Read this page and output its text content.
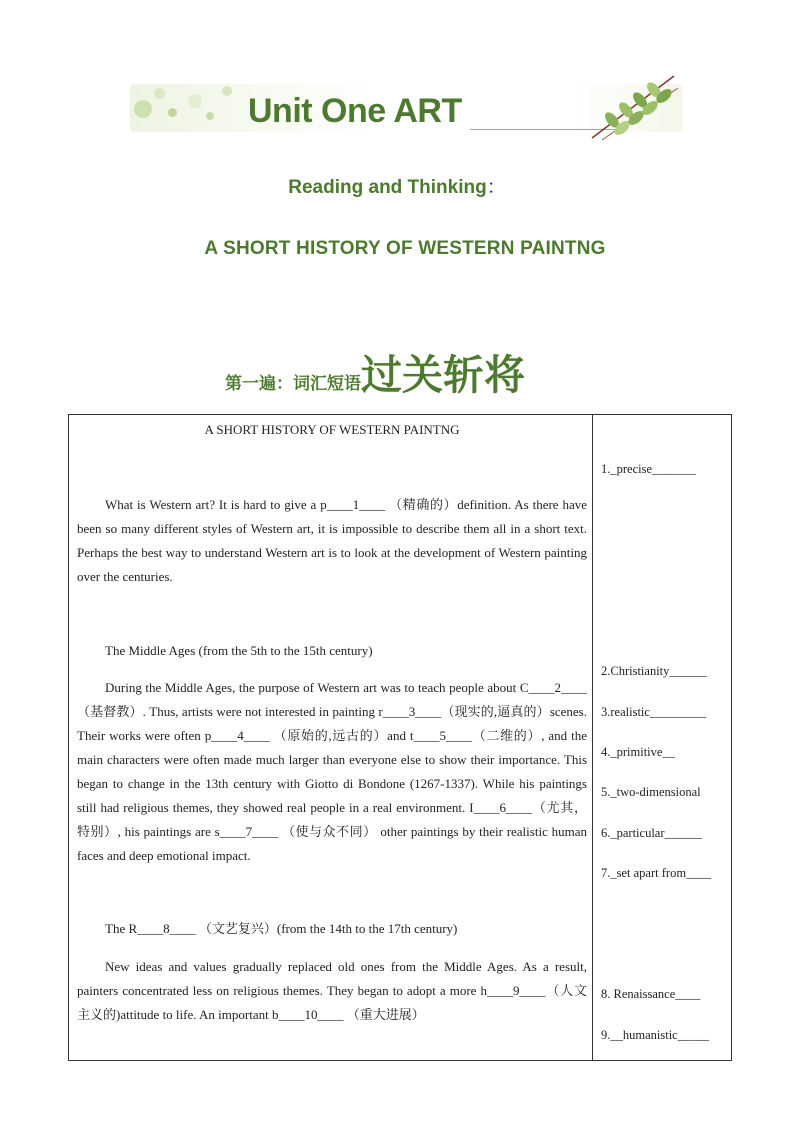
Unit One ART
Reading and Thinking：
A SHORT HISTORY OF WESTERN PAINTNG
第一遍：词汇短语过关斩将

A SHORT HISTORY OF WESTERN PAINTNG

What is Western art? It is hard to give a p____1____ （精确的）definition. As there have been so many different styles of Western art, it is impossible to describe them all in a short text. Perhaps the best way to understand Western art is to look at the development of Western painting over the centuries.

The Middle Ages (from the 5th to the 15th century)

During the Middle Ages, the purpose of Western art was to teach people about C____2____（基督教）. Thus, artists were not interested in painting r____3____（现实的,逼真的）scenes. Their works were often p____4____ （原始的,远古的）and t____5____（二维的）, and the main characters were often made much larger than everyone else to show their importance. This began to change in the 13th century with Giotto di Bondone (1267-1337). While his paintings still had religious themes, they showed real people in a real environment. I____6____（尤其，特别）, his paintings are s____7____ （使与众不同） other paintings by their realistic human faces and deep emotional impact.

The R____8____ （文艺复兴）(from the 14th to the 17th century)

New ideas and values gradually replaced old ones from the Middle Ages. As a result, painters concentrated less on religious themes. They began to adopt a more h____9____（人文主义的)attitude to life. An important b____10____ （重大进展）

1._precise_______
2.Christianity______
3.realistic_________
4._primitive__
5._two-dimensional
6._particular______
7._set apart from____
8. Renaissance____
9.__humanistic_____
